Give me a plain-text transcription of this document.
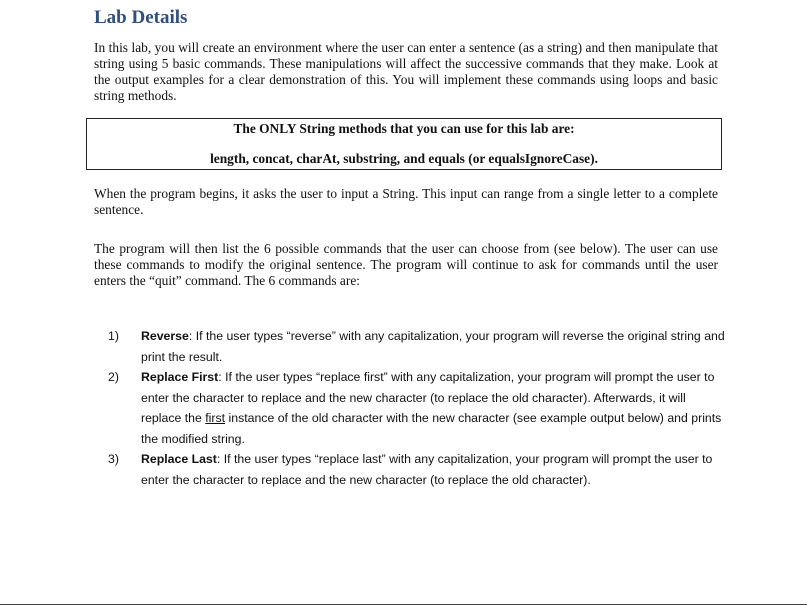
Lab Details

In this lab, you will create an environment where the user can enter a sentence (as a string) and then manipulate that string using 5 basic commands. These manipulations will affect the successive commands that they make. Look at the output examples for a clear demonstration of this. You will implement these commands using loops and basic string methods.

The ONLY String methods that you can use for this lab are:
length, concat, charAt, substring, and equals (or equalsIgnoreCase).

When the program begins, it asks the user to input a String. This input can range from a single letter to a complete sentence.

The program will then list the 6 possible commands that the user can choose from (see below). The user can use these commands to modify the original sentence. The program will continue to ask for commands until the user enters the “quit” command. The 6 commands are:

1) Reverse: If the user types “reverse” with any capitalization, your program will reverse the original string and print the result.
2) Replace First: If the user types “replace first” with any capitalization, your program will prompt the user to enter the character to replace and the new character (to replace the old character). Afterwards, it will replace the first instance of the old character with the new character (see example output below) and prints the modified string.
3) Replace Last: If the user types “replace last” with any capitalization, your program will prompt the user to enter the character to replace and the new character (to replace the old character).
